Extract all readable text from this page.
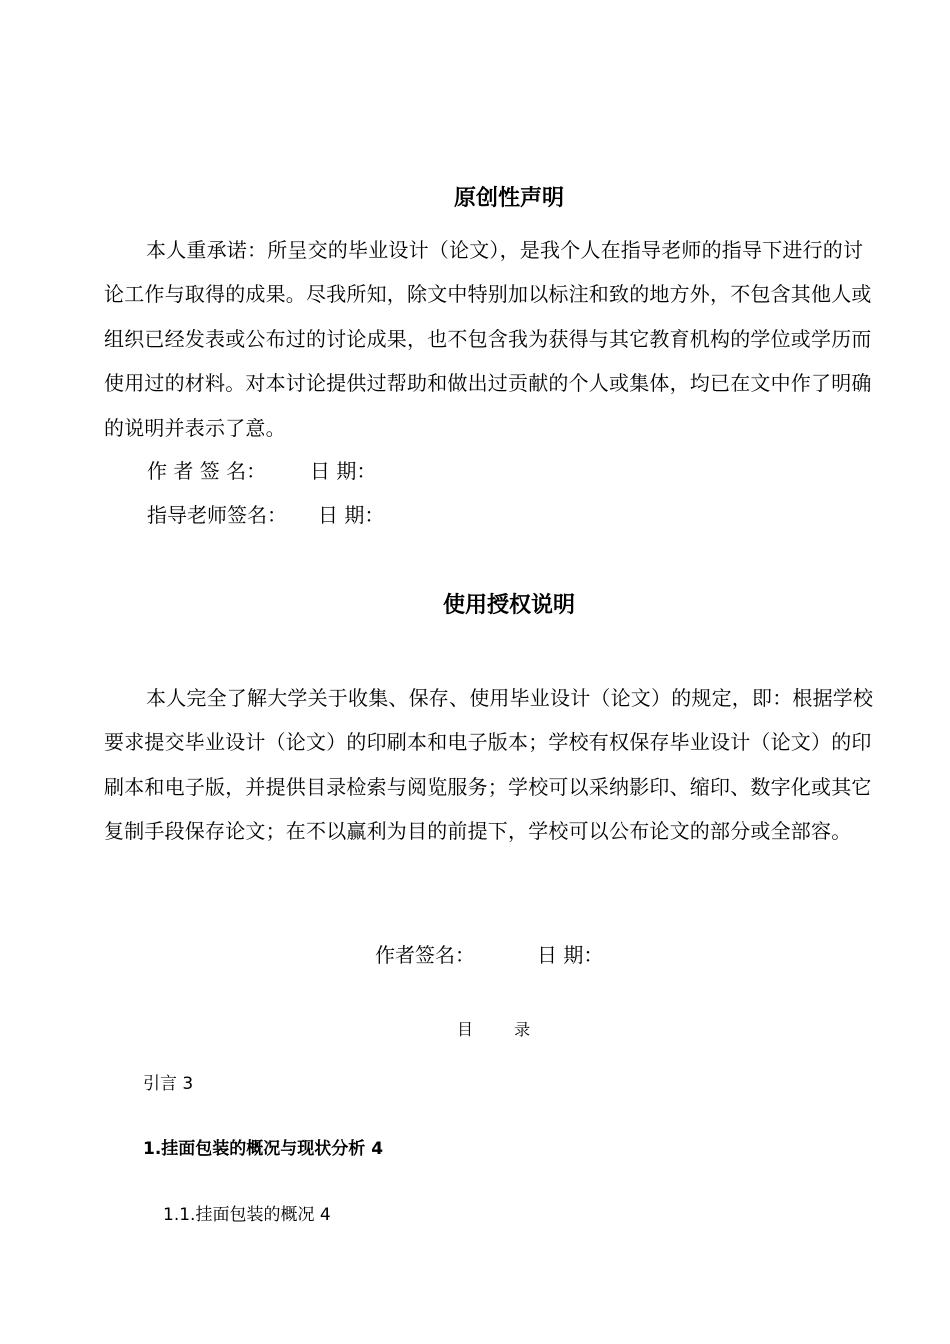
原创性声明
本人重承诺：所呈交的毕业设计（论文），是我个人在指导老师的指导下进行的讨论工作与取得的成果。尽我所知，除文中特别加以标注和致的地方外，不包含其他人或组织已经发表或公布过的讨论成果，也不包含我为获得与其它教育机构的学位或学历而使用过的材料。对本讨论提供过帮助和做出过贡献的个人或集体，均已在文中作了明确的说明并表示了意。
作 者 签 名： 日 期：
指导老师签名： 日 期：
使用授权说明
本人完全了解大学关于收集、保存、使用毕业设计（论文）的规定，即：根据学校要求提交毕业设计（论文）的印刷本和电子版本；学校有权保存毕业设计（论文）的印刷本和电子版，并提供目录检索与阅览服务；学校可以采纳影印、缩印、数字化或其它复制手段保存论文；在不以赢利为目的前提下，学校可以公布论文的部分或全部容。
作者签名：	日 期：
目 录
引言 3
1.挂面包装的概况与现状分析 4
1.1.挂面包装的概况 4
